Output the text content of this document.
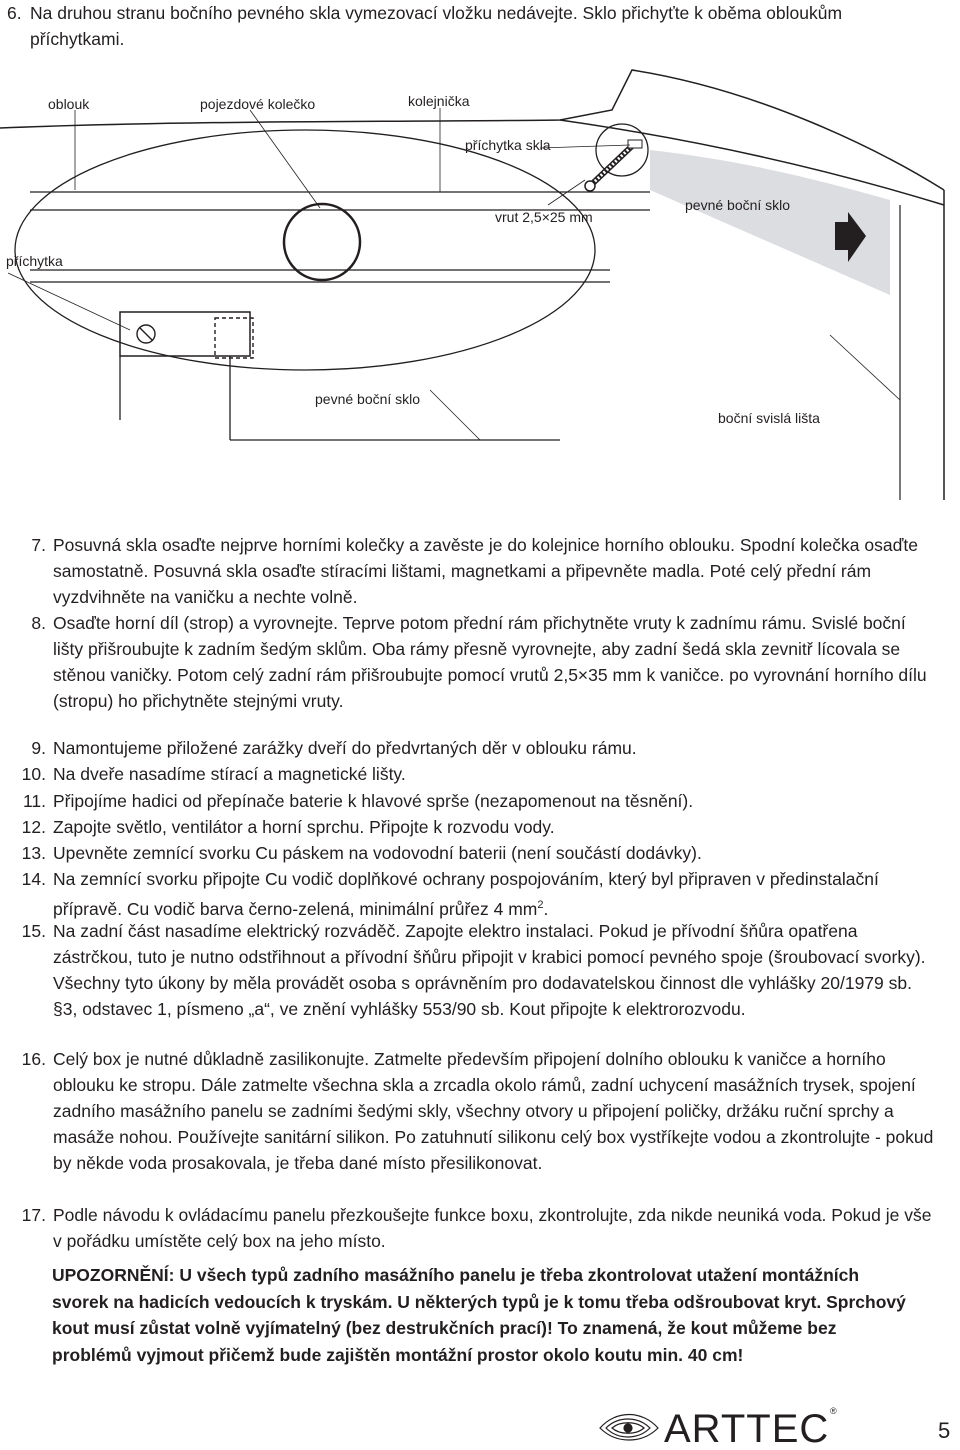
6. Na druhou stranu bočního pevného skla vymezovací vložku nedávejte. Sklo přichyťte k oběma obloukům příchytkami.
oblouk	pojezdové kolečko	kolejnička
příchytka skla
vrut 2,5×25 mm
pevné boční sklo
příchytka
pevné boční sklo
boční svislá lišta
7. Posuvná skla osaďte nejprve horními kolečky a zavěste je do kolejnice horního oblouku. Spodní kolečka osaďte samostatně. Posuvná skla osaďte stíracími lištami, magnetkami a připevněte madla. Poté celý přední rám vyzdvihněte na vaničku a nechte volně.
8. Osaďte horní díl (strop) a vyrovnejte. Teprve potom přední rám přichytněte vruty k zadnímu rámu. Svislé boční lišty přišroubujte k zadním šedým sklům. Oba rámy přesně vyrovnejte, aby zadní šedá skla zevnitř lícovala se stěnou vaničky. Potom celý zadní rám přišroubujte pomocí vrutů 2,5×35 mm k vaničce. po vyrovnání horního dílu (stropu) ho přichytněte stejnými vruty.
9. Namontujeme přiložené zarážky dveří do předvrtaných děr v oblouku rámu.
10. Na dveře nasadíme stírací a magnetické lišty.
11. Připojíme hadici od přepínače baterie k hlavové sprše (nezapomenout na těsnění).
12. Zapojte světlo, ventilátor a horní sprchu. Připojte k rozvodu vody.
13. Upevněte zemnící svorku Cu páskem na vodovodní baterii (není součástí dodávky).
14. Na zemnící svorku připojte Cu vodič doplňkové ochrany pospojováním, který byl připraven v předinstalační přípravě. Cu vodič barva černo-zelená, minimální průřez 4 $mm^2$.
15. Na zadní část nasadíme elektrický rozváděč. Zapojte elektro instalaci. Pokud je přívodní šňůra opatřena zástrčkou, tuto je nutno odstřihnout a přívodní šňůru připojit v krabici pomocí pevného spoje (šroubovací svorky). Všechny tyto úkony by měla provádět osoba s oprávněním pro dodavatelskou činnost dle vyhlášky 20/1979 sb. §3, odstavec 1, písmeno „a“, ve znění vyhlášky 553/90 sb. Kout připojte k elektrorozvodu.
16. Celý box je nutné důkladně zasilikonujte. Zatmelte především připojení dolního oblouku k vaničce a horního oblouku ke stropu. Dále zatmelte všechna skla a zrcadla okolo rámů, zadní uchycení masážních trysek, spojení zadního masážního panelu se zadními šedými skly, všechny otvory u připojení poličky, držáku ruční sprchy a masáže nohou. Používejte sanitární silikon. Po zatuhnutí silikonu celý box vystříkejte vodou a zkontrolujte - pokud by někde voda prosakovala, je třeba dané místo přesilikonovat.
17. Podle návodu k ovládacímu panelu přezkoušejte funkce boxu, zkontrolujte, zda nikde neuniká voda. Pokud je vše v pořádku umístěte celý box na jeho místo.
UPOZORNĚNÍ: U všech typů zadního masážního panelu je třeba zkontrolovat utažení montážních svorek na hadicích vedoucích k tryskám. U některých typů je k tomu třeba odšroubovat kryt. Sprchový kout musí zůstat volně vyjímatelný (bez destrukčních prací)! To znamená, že kout můžeme bez problémů vyjmout přičemž bude zajištěn montážní prostor okolo koutu min. 40 cm!
ARTTEC ®
5
